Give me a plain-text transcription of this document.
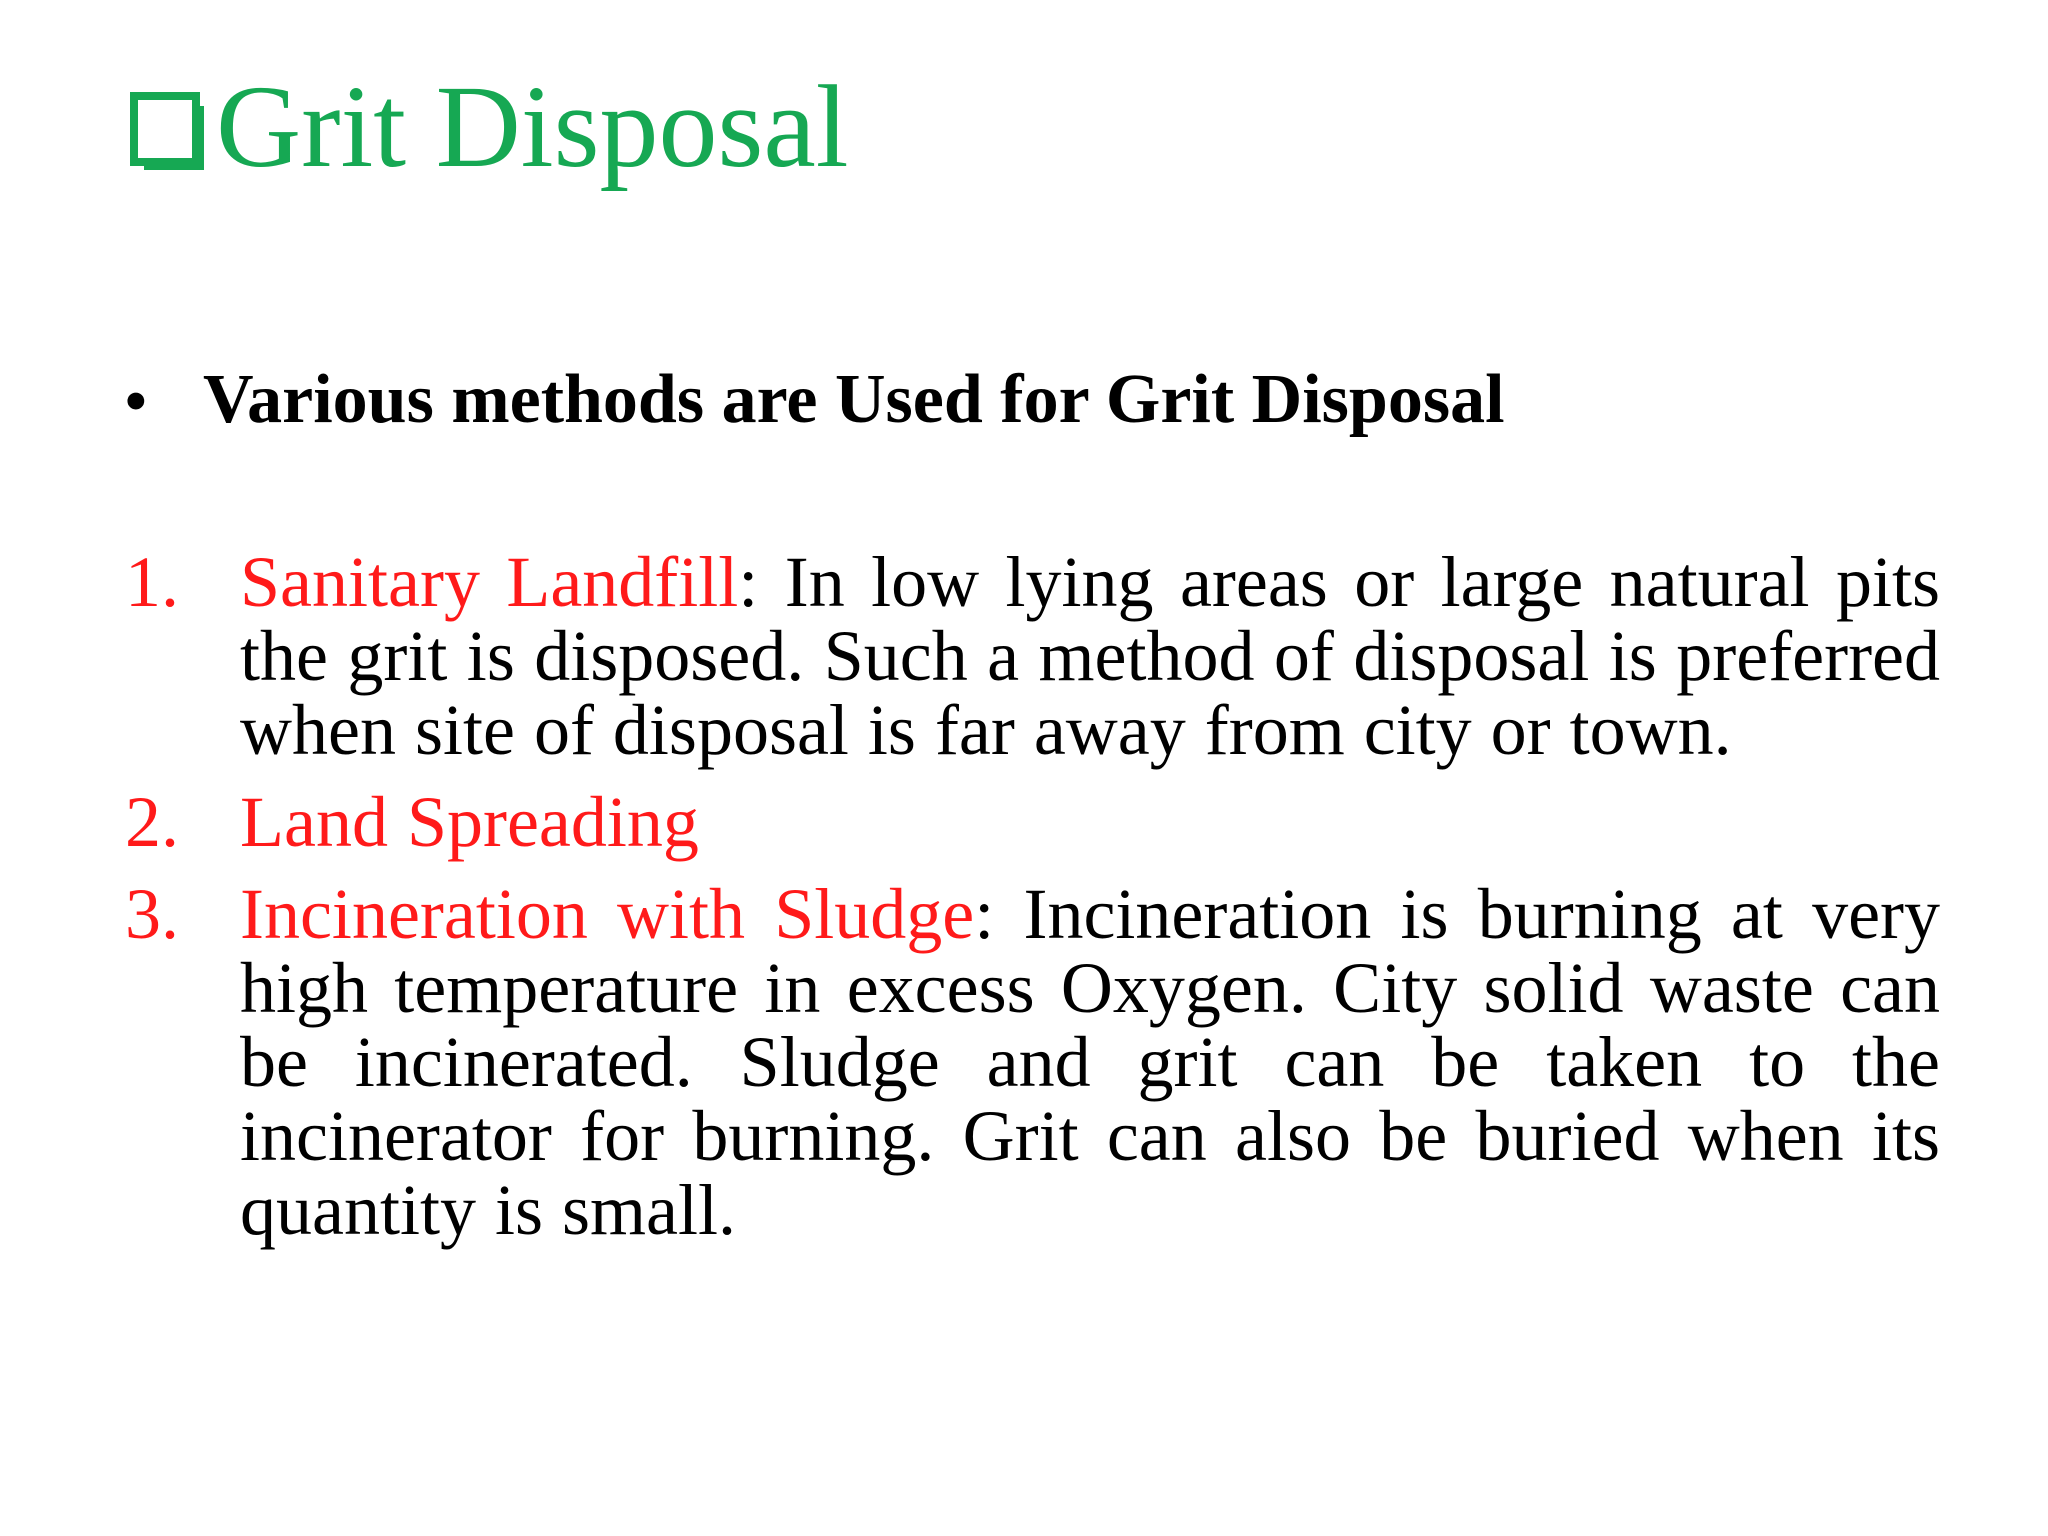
Grit Disposal
• Various methods are Used for Grit Disposal
1. Sanitary Landfill: In low lying areas or large natural pits the grit is disposed. Such a method of disposal is preferred when site of disposal is far away from city or town.
2. Land Spreading
3. Incineration with Sludge: Incineration is burning at very high temperature in excess Oxygen. City solid waste can be incinerated. Sludge and grit can be taken to the incinerator for burning. Grit can also be buried when its quantity is small.
